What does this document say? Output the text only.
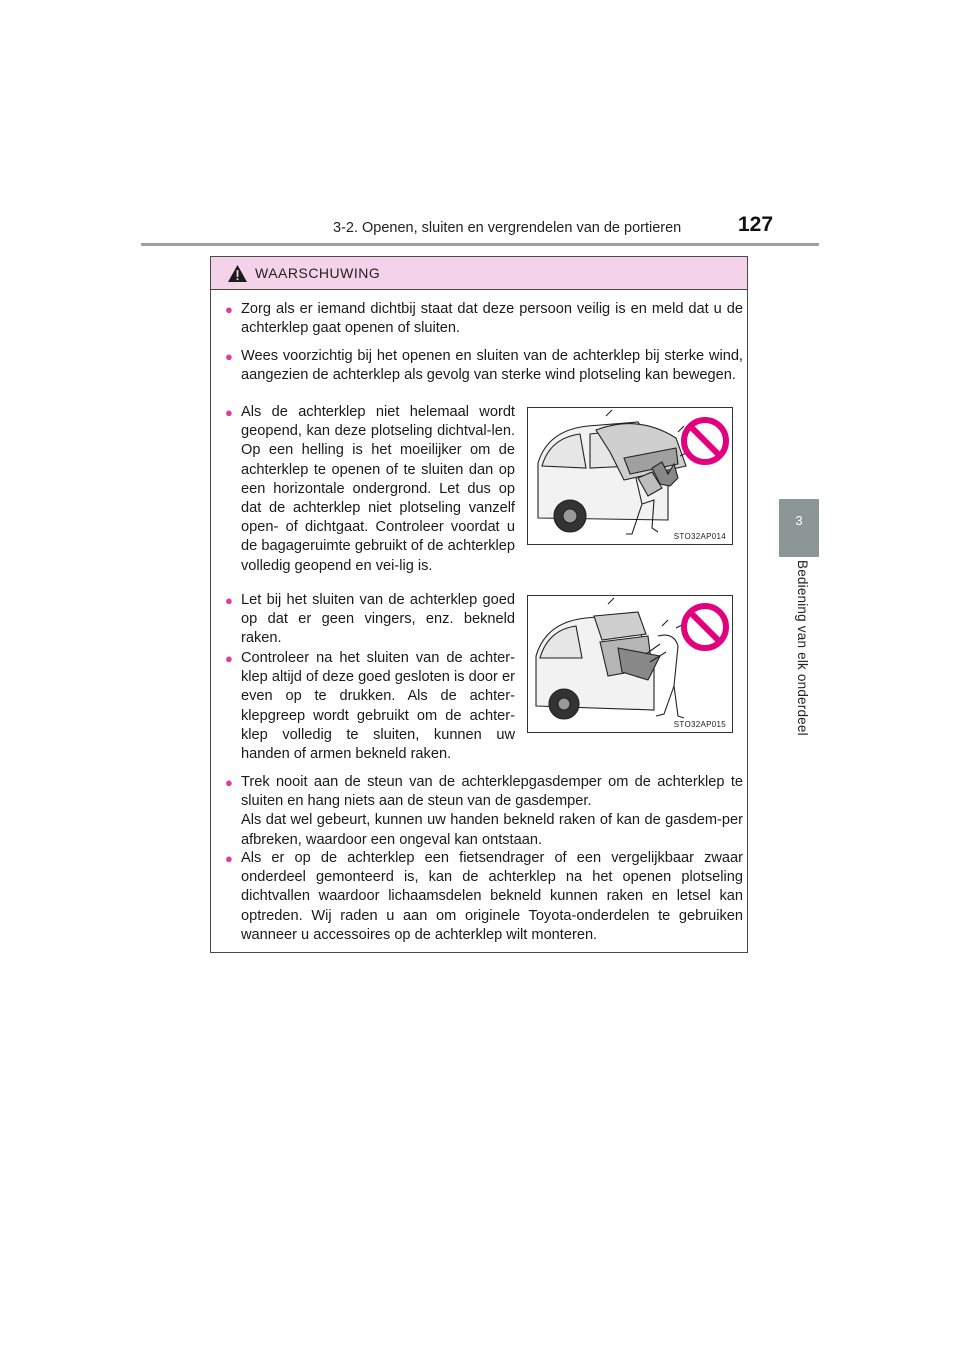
3-2. Openen, sluiten en vergrendelen van de portieren	127
3
Bediening van elk onderdeel
WAARSCHUWING
● Zorg als er iemand dichtbij staat dat deze persoon veilig is en meld dat u de achterklep gaat openen of sluiten.

● Wees voorzichtig bij het openen en sluiten van de achterklep bij sterke wind, aangezien de achterklep als gevolg van sterke wind plotseling kan bewegen.

● Als de achterklep niet helemaal wordt geopend, kan deze plotseling dichtval-len. Op een helling is het moeilijker om de achterklep te openen of te sluiten dan op een horizontale ondergrond. Let dus op dat de achterklep niet plotseling vanzelf open- of dichtgaat. Controleer voordat u de bagageruimte gebruikt of de achterklep volledig geopend en vei-lig is.

STO32AP014
● Let bij het sluiten van de achterklep goed op dat er geen vingers, enz. bekneld raken.

● Controleer na het sluiten van de achter-klep altijd of deze goed gesloten is door er even op te drukken. Als de achter-klepgreep wordt gebruikt om de achter-klep volledig te sluiten, kunnen uw handen of armen bekneld raken.

STO32AP015
● Trek nooit aan de steun van de achterklepgasdemper om de achterklep te sluiten en hang niets aan de steun van de gasdemper.

Als dat wel gebeurt, kunnen uw handen bekneld raken of kan de gasdem-per afbreken, waardoor een ongeval kan ontstaan.

● Als er op de achterklep een fietsendrager of een vergelijkbaar zwaar onderdeel gemonteerd is, kan de achterklep na het openen plotseling dichtvallen waardoor lichaamsdelen bekneld kunnen raken en letsel kan optreden. Wij raden u aan om originele Toyota-onderdelen te gebruiken wanneer u accessoires op de achterklep wilt monteren.
